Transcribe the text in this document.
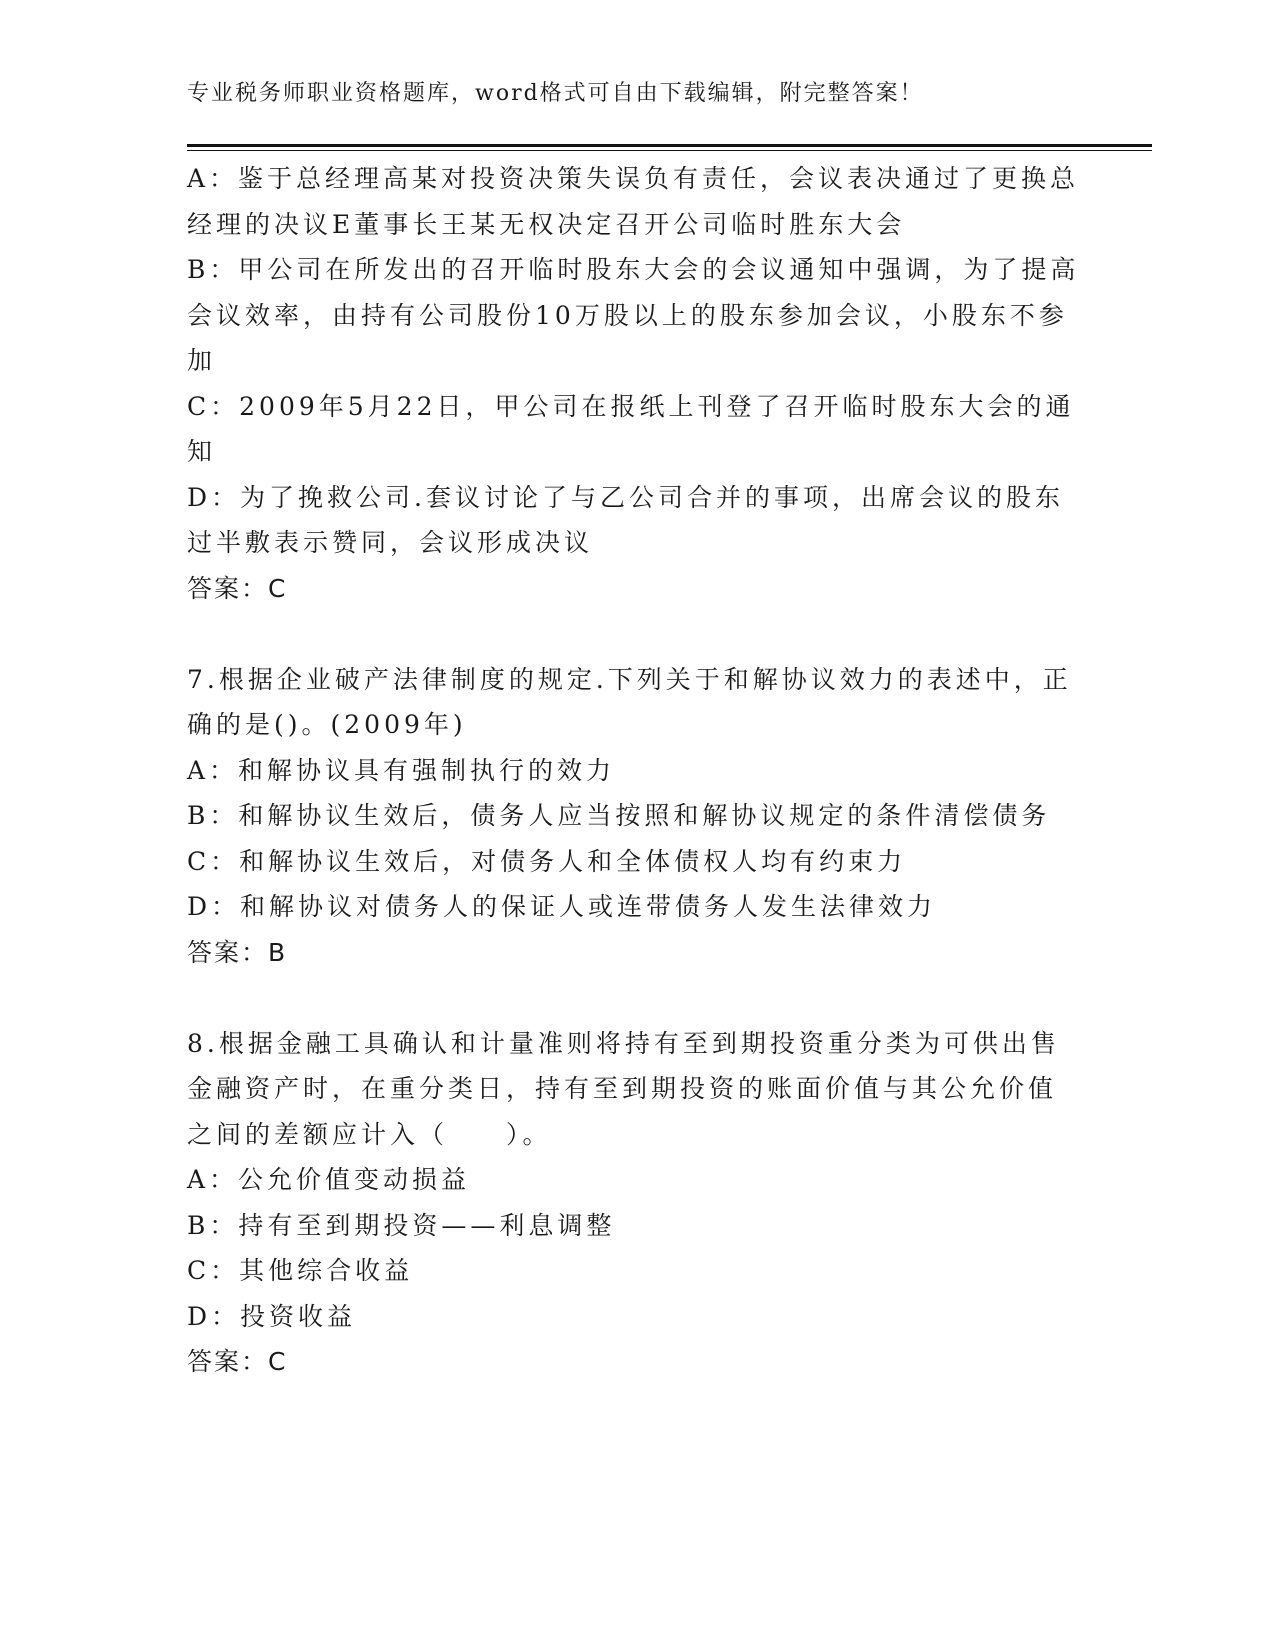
专业税务师职业资格题库，word格式可自由下载编辑，附完整答案！
A：鉴于总经理高某对投资决策失误负有责任，会议表决通过了更换总
经理的决议E董事长王某无权决定召开公司临时胜东大会
B：甲公司在所发出的召开临时股东大会的会议通知中强调，为了提高
会议效率，由持有公司股份10万股以上的股东参加会议，小股东不参
加
C：2009年5月22日，甲公司在报纸上刊登了召开临时股东大会的通
知
D：为了挽救公司.套议讨论了与乙公司合并的事项，出席会议的股东
过半敷表示赞同，会议形成决议
答案：C
7.根据企业破产法律制度的规定.下列关于和解协议效力的表述中，正
确的是()。(2009年)
A：和解协议具有强制执行的效力
B：和解协议生效后，债务人应当按照和解协议规定的条件清偿债务
C：和解协议生效后，对债务人和全体债权人均有约束力
D：和解协议对债务人的保证人或连带债务人发生法律效力
答案：B
8.根据金融工具确认和计量准则将持有至到期投资重分类为可供出售
金融资产时，在重分类日，持有至到期投资的账面价值与其公允价值
之间的差额应计入（　　）。
A：公允价值变动损益
B：持有至到期投资——利息调整
C：其他综合收益
D：投资收益
答案：C
